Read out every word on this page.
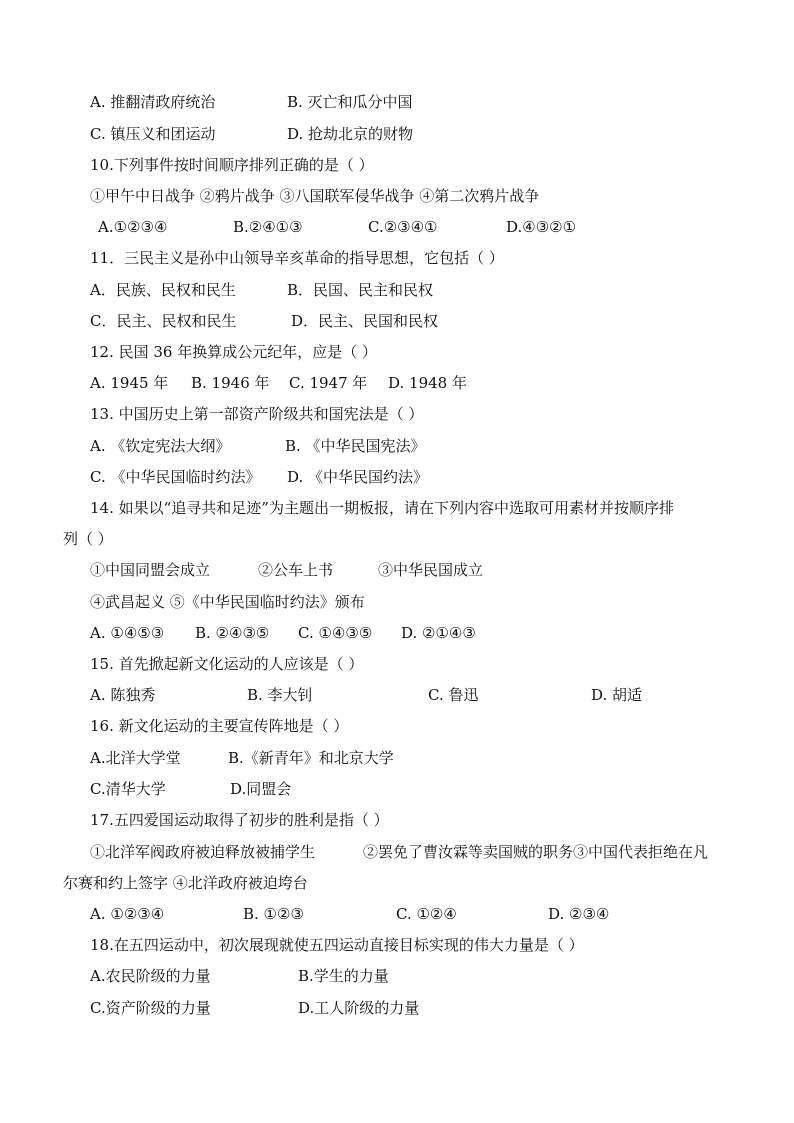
A. 推翻清政府统治	B. 灭亡和瓜分中国
C. 镇压义和团运动	D. 抢劫北京的财物
10.下列事件按时间顺序排列正确的是（ ）
①甲午中日战争 ②鸦片战争 ③八国联军侵华战争 ④第二次鸦片战争
A.①②③④	B.②④①③	C.②③④①	D.④③②①
11．三民主义是孙中山领导辛亥革命的指导思想，它包括（ ）
A．民族、民权和民生	B．民国、民主和民权
C．民主、民权和民生	D．民主、民国和民权
12. 民国 36 年换算成公元纪年，应是（ ）
A. 1945 年 B. 1946 年 C. 1947 年 D. 1948 年
13. 中国历史上第一部资产阶级共和国宪法是（ ）
A. 《钦定宪法大纲》	B. 《中华民国宪法》
C. 《中华民国临时约法》 D. 《中华民国约法》
14. 如果以“追寻共和足迹”为主题出一期板报，请在下列内容中选取可用素材并按顺序排
列（ ）
①中国同盟会成立	②公车上书	③中华民国成立
④武昌起义 ⑤《中华民国临时约法》颁布
A. ①④⑤③ B. ②④③⑤ C. ①④③⑤ D. ②①④③
15. 首先掀起新文化运动的人应该是（ ）
A. 陈独秀	B. 李大钊	C. 鲁迅	D. 胡适
16. 新文化运动的主要宣传阵地是（ ）
A.北洋大学堂	B.《新青年》和北京大学
C.清华大学	D.同盟会
17.五四爱国运动取得了初步的胜利是指（ ）
①北洋军阀政府被迫释放被捕学生	②罢免了曹汝霖等卖国贼的职务③中国代表拒绝在凡
尔赛和约上签字 ④北洋政府被迫垮台
A. ①②③④	B. ①②③	C. ①②④	D. ②③④
18.在五四运动中，初次展现就使五四运动直接目标实现的伟大力量是（ ）
A.农民阶级的力量	B.学生的力量
C.资产阶级的力量	D.工人阶级的力量
